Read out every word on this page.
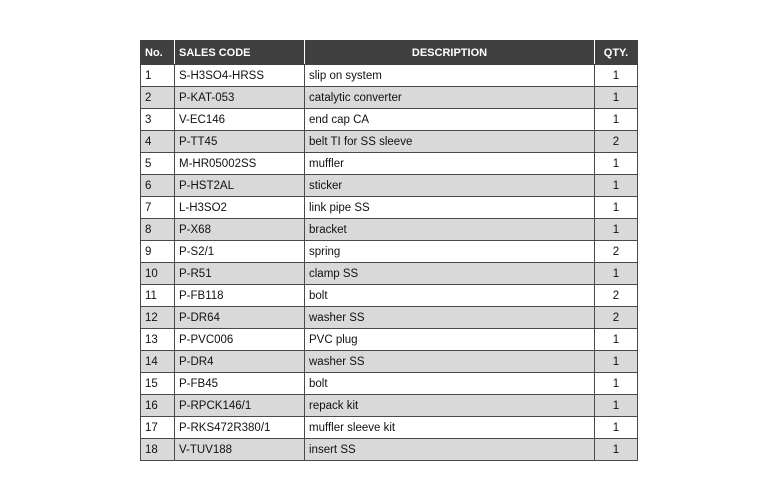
No.	SALES CODE	DESCRIPTION	QTY.
1	S-H3SO4-HRSS	slip on system	1
2	P-KAT-053	catalytic converter	1
3	V-EC146	end cap CA	1
4	P-TT45	belt TI for SS sleeve	2
5	M-HR05002SS	muffler	1
6	P-HST2AL	sticker	1
7	L-H3SO2	link pipe SS	1
8	P-X68	bracket	1
9	P-S2/1	spring	2
10	P-R51	clamp SS	1
11	P-FB118	bolt	2
12	P-DR64	washer SS	2
13	P-PVC006	PVC plug	1
14	P-DR4	washer SS	1
15	P-FB45	bolt	1
16	P-RPCK146/1	repack kit	1
17	P-RKS472R380/1	muffler sleeve kit	1
18	V-TUV188	insert SS	1
